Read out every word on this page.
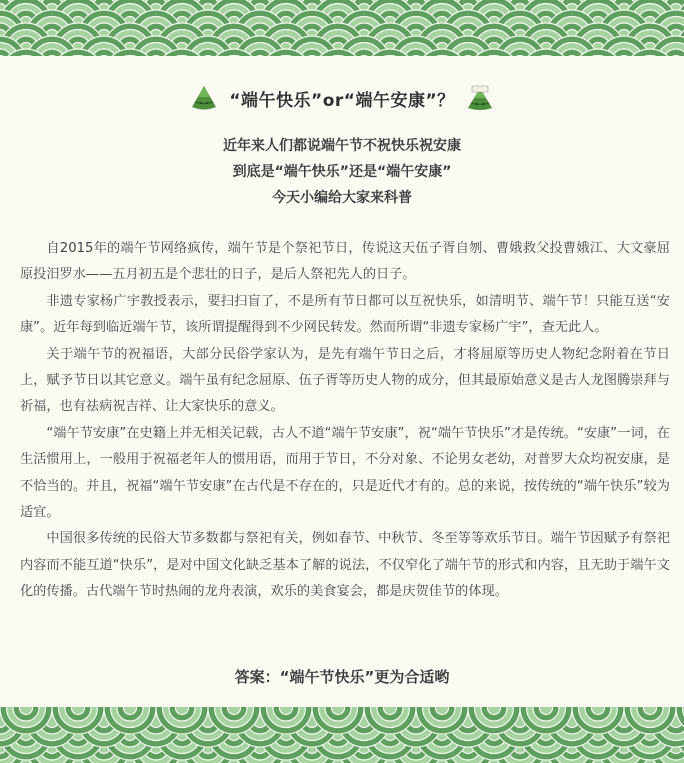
“端午快乐”or“端午安康”？
近年来人们都说端午节不祝快乐祝安康
到底是“端午快乐”还是“端午安康”
今天小编给大家来科普

自2015年的端午节网络疯传，端午节是个祭祀节日，传说这天伍子胥自刎、曹娥救父投曹娥江、大文豪屈原投汨罗水——五月初五是个悲壮的日子，是后人祭祀先人的日子。

非遗专家杨广宇教授表示，要扫扫盲了，不是所有节日都可以互祝快乐，如清明节、端午节！只能互送“安康”。近年每到临近端午节，该所谓提醒得到不少网民转发。然而所谓“非遗专家杨广宇”，查无此人。

关于端午节的祝福语，大部分民俗学家认为，是先有端午节日之后，才将屈原等历史人物纪念附着在节日上，赋予节日以其它意义。端午虽有纪念屈原、伍子胥等历史人物的成分，但其最原始意义是古人龙图腾崇拜与祈福，也有祛病祝吉祥、让大家快乐的意义。

“端午节安康”在史籍上并无相关记载，古人不道“端午节安康”，祝“端午节快乐”才是传统。“安康”一词，在生活惯用上，一般用于祝福老年人的惯用语，而用于节日，不分对象、不论男女老幼，对普罗大众均祝安康，是不恰当的。并且，祝福“端午节安康”在古代是不存在的，只是近代才有的。总的来说，按传统的“端午快乐”较为适宜。

中国很多传统的民俗大节多数都与祭祀有关，例如春节、中秋节、冬至等等欢乐节日。端午节因赋予有祭祀内容而不能互道“快乐”，是对中国文化缺乏基本了解的说法，不仅窄化了端午节的形式和内容，且无助于端午文化的传播。古代端午节时热闹的龙舟表演，欢乐的美食宴会，都是庆贺佳节的体现。

答案：“端午节快乐”更为合适哟
